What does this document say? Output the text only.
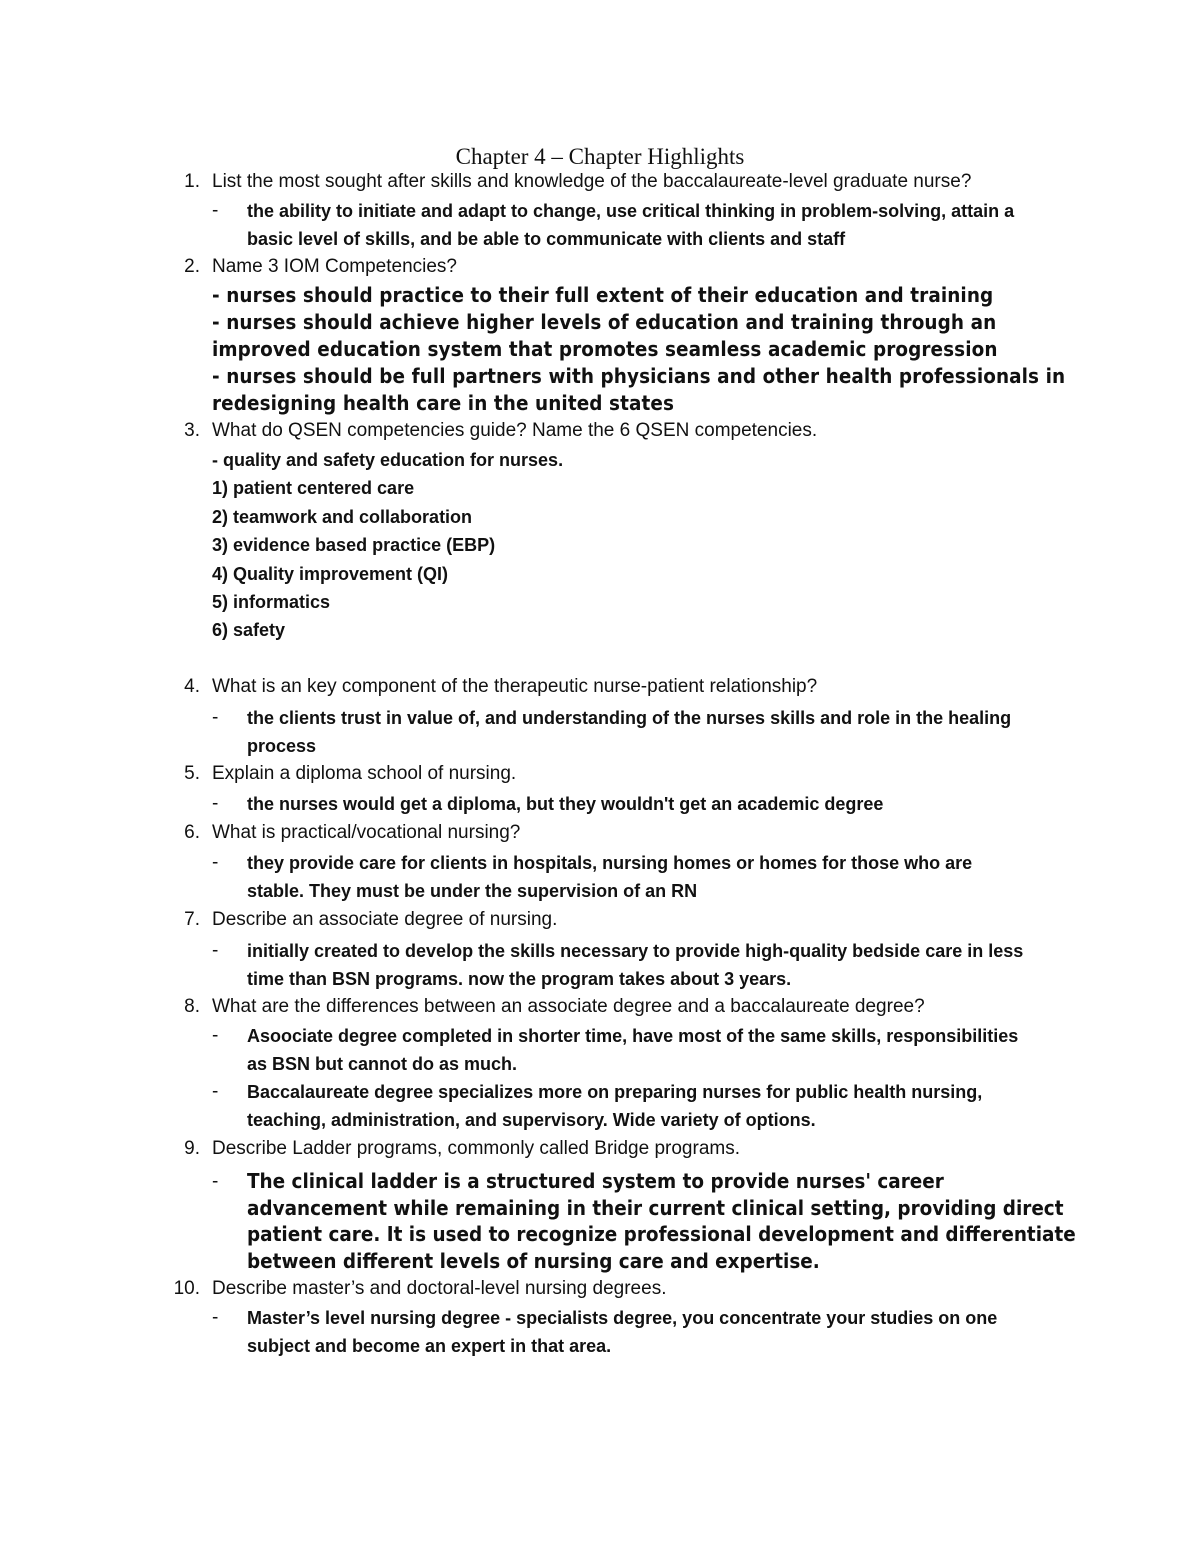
Chapter 4 – Chapter Highlights
1. List the most sought after skills and knowledge of the baccalaureate-level graduate nurse?
- the ability to initiate and adapt to change, use critical thinking in problem-solving, attain a
basic level of skills, and be able to communicate with clients and staff
2. Name 3 IOM Competencies?
- nurses should practice to their full extent of their education and training
- nurses should achieve higher levels of education and training through an
improved education system that promotes seamless academic progression
- nurses should be full partners with physicians and other health professionals in
redesigning health care in the united states
3. What do QSEN competencies guide? Name the 6 QSEN competencies.
- quality and safety education for nurses.
1) patient centered care
2) teamwork and collaboration
3) evidence based practice (EBP)
4) Quality improvement (QI)
5) informatics
6) safety
4. What is an key component of the therapeutic nurse-patient relationship?
- the clients trust in value of, and understanding of the nurses skills and role in the healing
process
5. Explain a diploma school of nursing.
- the nurses would get a diploma, but they wouldn't get an academic degree
6. What is practical/vocational nursing?
- they provide care for clients in hospitals, nursing homes or homes for those who are
stable. They must be under the supervision of an RN
7. Describe an associate degree of nursing.
- initially created to develop the skills necessary to provide high-quality bedside care in less
time than BSN programs. now the program takes about 3 years.
8. What are the differences between an associate degree and a baccalaureate degree?
- Asoociate degree completed in shorter time, have most of the same skills, responsibilities
as BSN but cannot do as much.
- Baccalaureate degree specializes more on preparing nurses for public health nursing,
teaching, administration, and supervisory. Wide variety of options.
9. Describe Ladder programs, commonly called Bridge programs.
- The clinical ladder is a structured system to provide nurses' career
advancement while remaining in their current clinical setting, providing direct
patient care. It is used to recognize professional development and differentiate
between different levels of nursing care and expertise.
10. Describe master’s and doctoral-level nursing degrees.
- Master’s level nursing degree - specialists degree, you concentrate your studies on one
subject and become an expert in that area.
